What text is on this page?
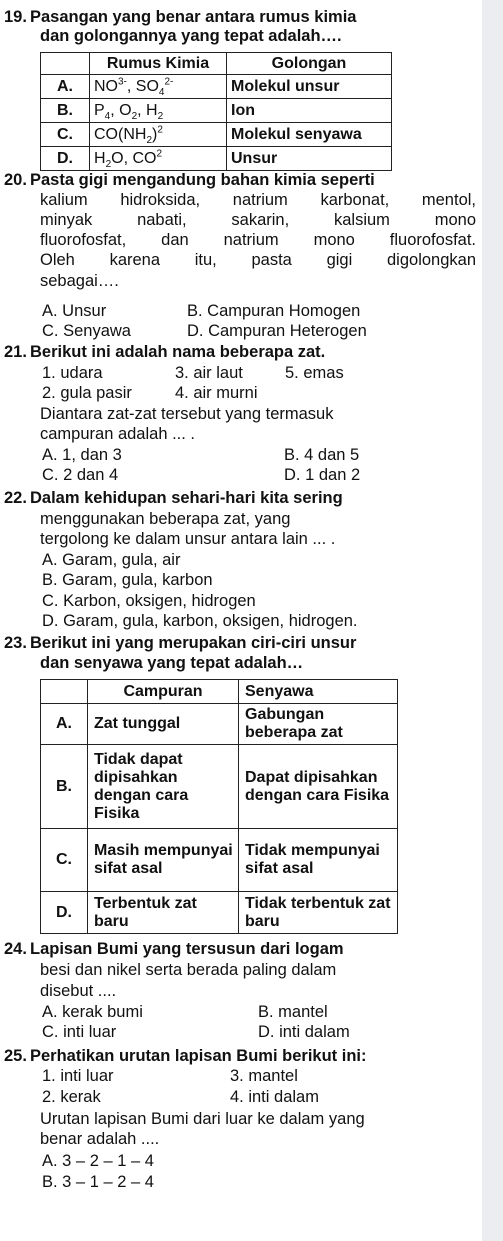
19. Pasangan yang benar antara rumus kimia
dan golongannya yang tepat adalah….
	Rumus Kimia	Golongan
A.	$NO^{3-}$, $SO_4^{2-}$	Molekul unsur
B.	$P_4$, $O_2$, $H_2$	Ion
C.	$CO(NH_2)^2$	Molekul senyawa
D.	$H_2O$, $CO^2$	Unsur
20. Pasta gigi mengandung bahan kimia seperti
kalium hidroksida, natrium karbonat, mentol,
minyak nabati, sakarin, kalsium mono
fluorofosfat, dan natrium mono fluorofosfat.
Oleh karena itu, pasta gigi digolongkan
sebagai….
A. Unsur	B. Campuran Homogen
C. Senyawa	D. Campuran Heterogen
21. Berikut ini adalah nama beberapa zat.
1. udara	3. air laut	5. emas
2. gula pasir	4. air murni
Diantara zat-zat tersebut yang termasuk
campuran adalah ... .
A. 1, dan 3	B. 4 dan 5
C. 2 dan 4	D. 1 dan 2
22. Dalam kehidupan sehari-hari kita sering
menggunakan beberapa zat, yang
tergolong ke dalam unsur antara lain ... .
A. Garam, gula, air
B. Garam, gula, karbon
C. Karbon, oksigen, hidrogen
D. Garam, gula, karbon, oksigen, hidrogen.
23. Berikut ini yang merupakan ciri-ciri unsur
dan senyawa yang tepat adalah…
	Campuran	Senyawa
A.	Zat tunggal	Gabungan beberapa zat
B.	Tidak dapat dipisahkan dengan cara Fisika	Dapat dipisahkan dengan cara Fisika
C.	Masih mempunyai sifat asal	Tidak mempunyai sifat asal
D.	Terbentuk zat baru	Tidak terbentuk zat baru
24. Lapisan Bumi yang tersusun dari logam
besi dan nikel serta berada paling dalam
disebut ....
A. kerak bumi	B. mantel
C. inti luar	D. inti dalam
25. Perhatikan urutan lapisan Bumi berikut ini:
1. inti luar	3. mantel
2. kerak	4. inti dalam
Urutan lapisan Bumi dari luar ke dalam yang
benar adalah ....
A. 3 – 2 – 1 – 4
B. 3 – 1 – 2 – 4
